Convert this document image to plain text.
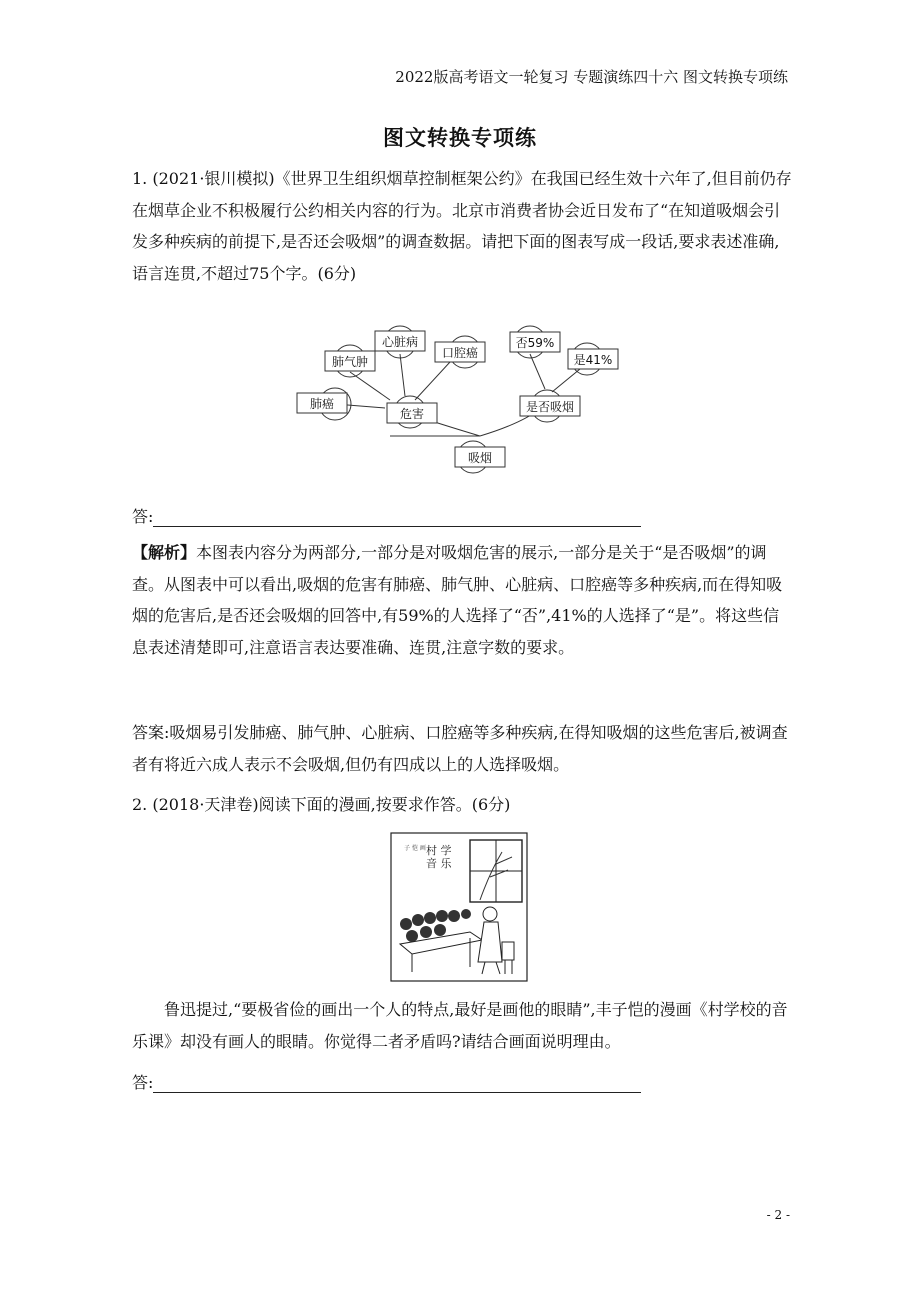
2022版高考语文一轮复习 专题演练四十六 图文转换专项练
图文转换专项练

1. (2021·银川模拟)《世界卫生组织烟草控制框架公约》在我国已经生效十六年了,但目前仍存在烟草企业不积极履行公约相关内容的行为。北京市消费者协会近日发布了“在知道吸烟会引发多种疾病的前提下,是否还会吸烟”的调查数据。请把下面的图表写成一段话,要求表述准确,语言连贯,不超过75个字。(6分)

肺癌
肺气肿
心脏病
口腔癌
危害
否59%
是41%
是否吸烟
吸烟
答:

【解析】本图表内容分为两部分,一部分是对吸烟危害的展示,一部分是关于“是否吸烟”的调查。从图表中可以看出,吸烟的危害有肺癌、肺气肿、心脏病、口腔癌等多种疾病,而在得知吸烟的危害后,是否还会吸烟的回答中,有59%的人选择了“否”,41%的人选择了“是”。将这些信息表述清楚即可,注意语言表达要准确、连贯,注意字数的要求。

答案:吸烟易引发肺癌、肺气肿、心脏病、口腔癌等多种疾病,在得知吸烟的这些危害后,被调查者有将近六成人表示不会吸烟,但仍有四成以上的人选择吸烟。

2. (2018·天津卷)阅读下面的漫画,按要求作答。(6分)

村 学
音 乐
子 恺 画

鲁迅提过,“要极省俭的画出一个人的特点,最好是画他的眼睛”,丰子恺的漫画《村学校的音乐课》却没有画人的眼睛。你觉得二者矛盾吗?请结合画面说明理由。

答:
- 2 -
